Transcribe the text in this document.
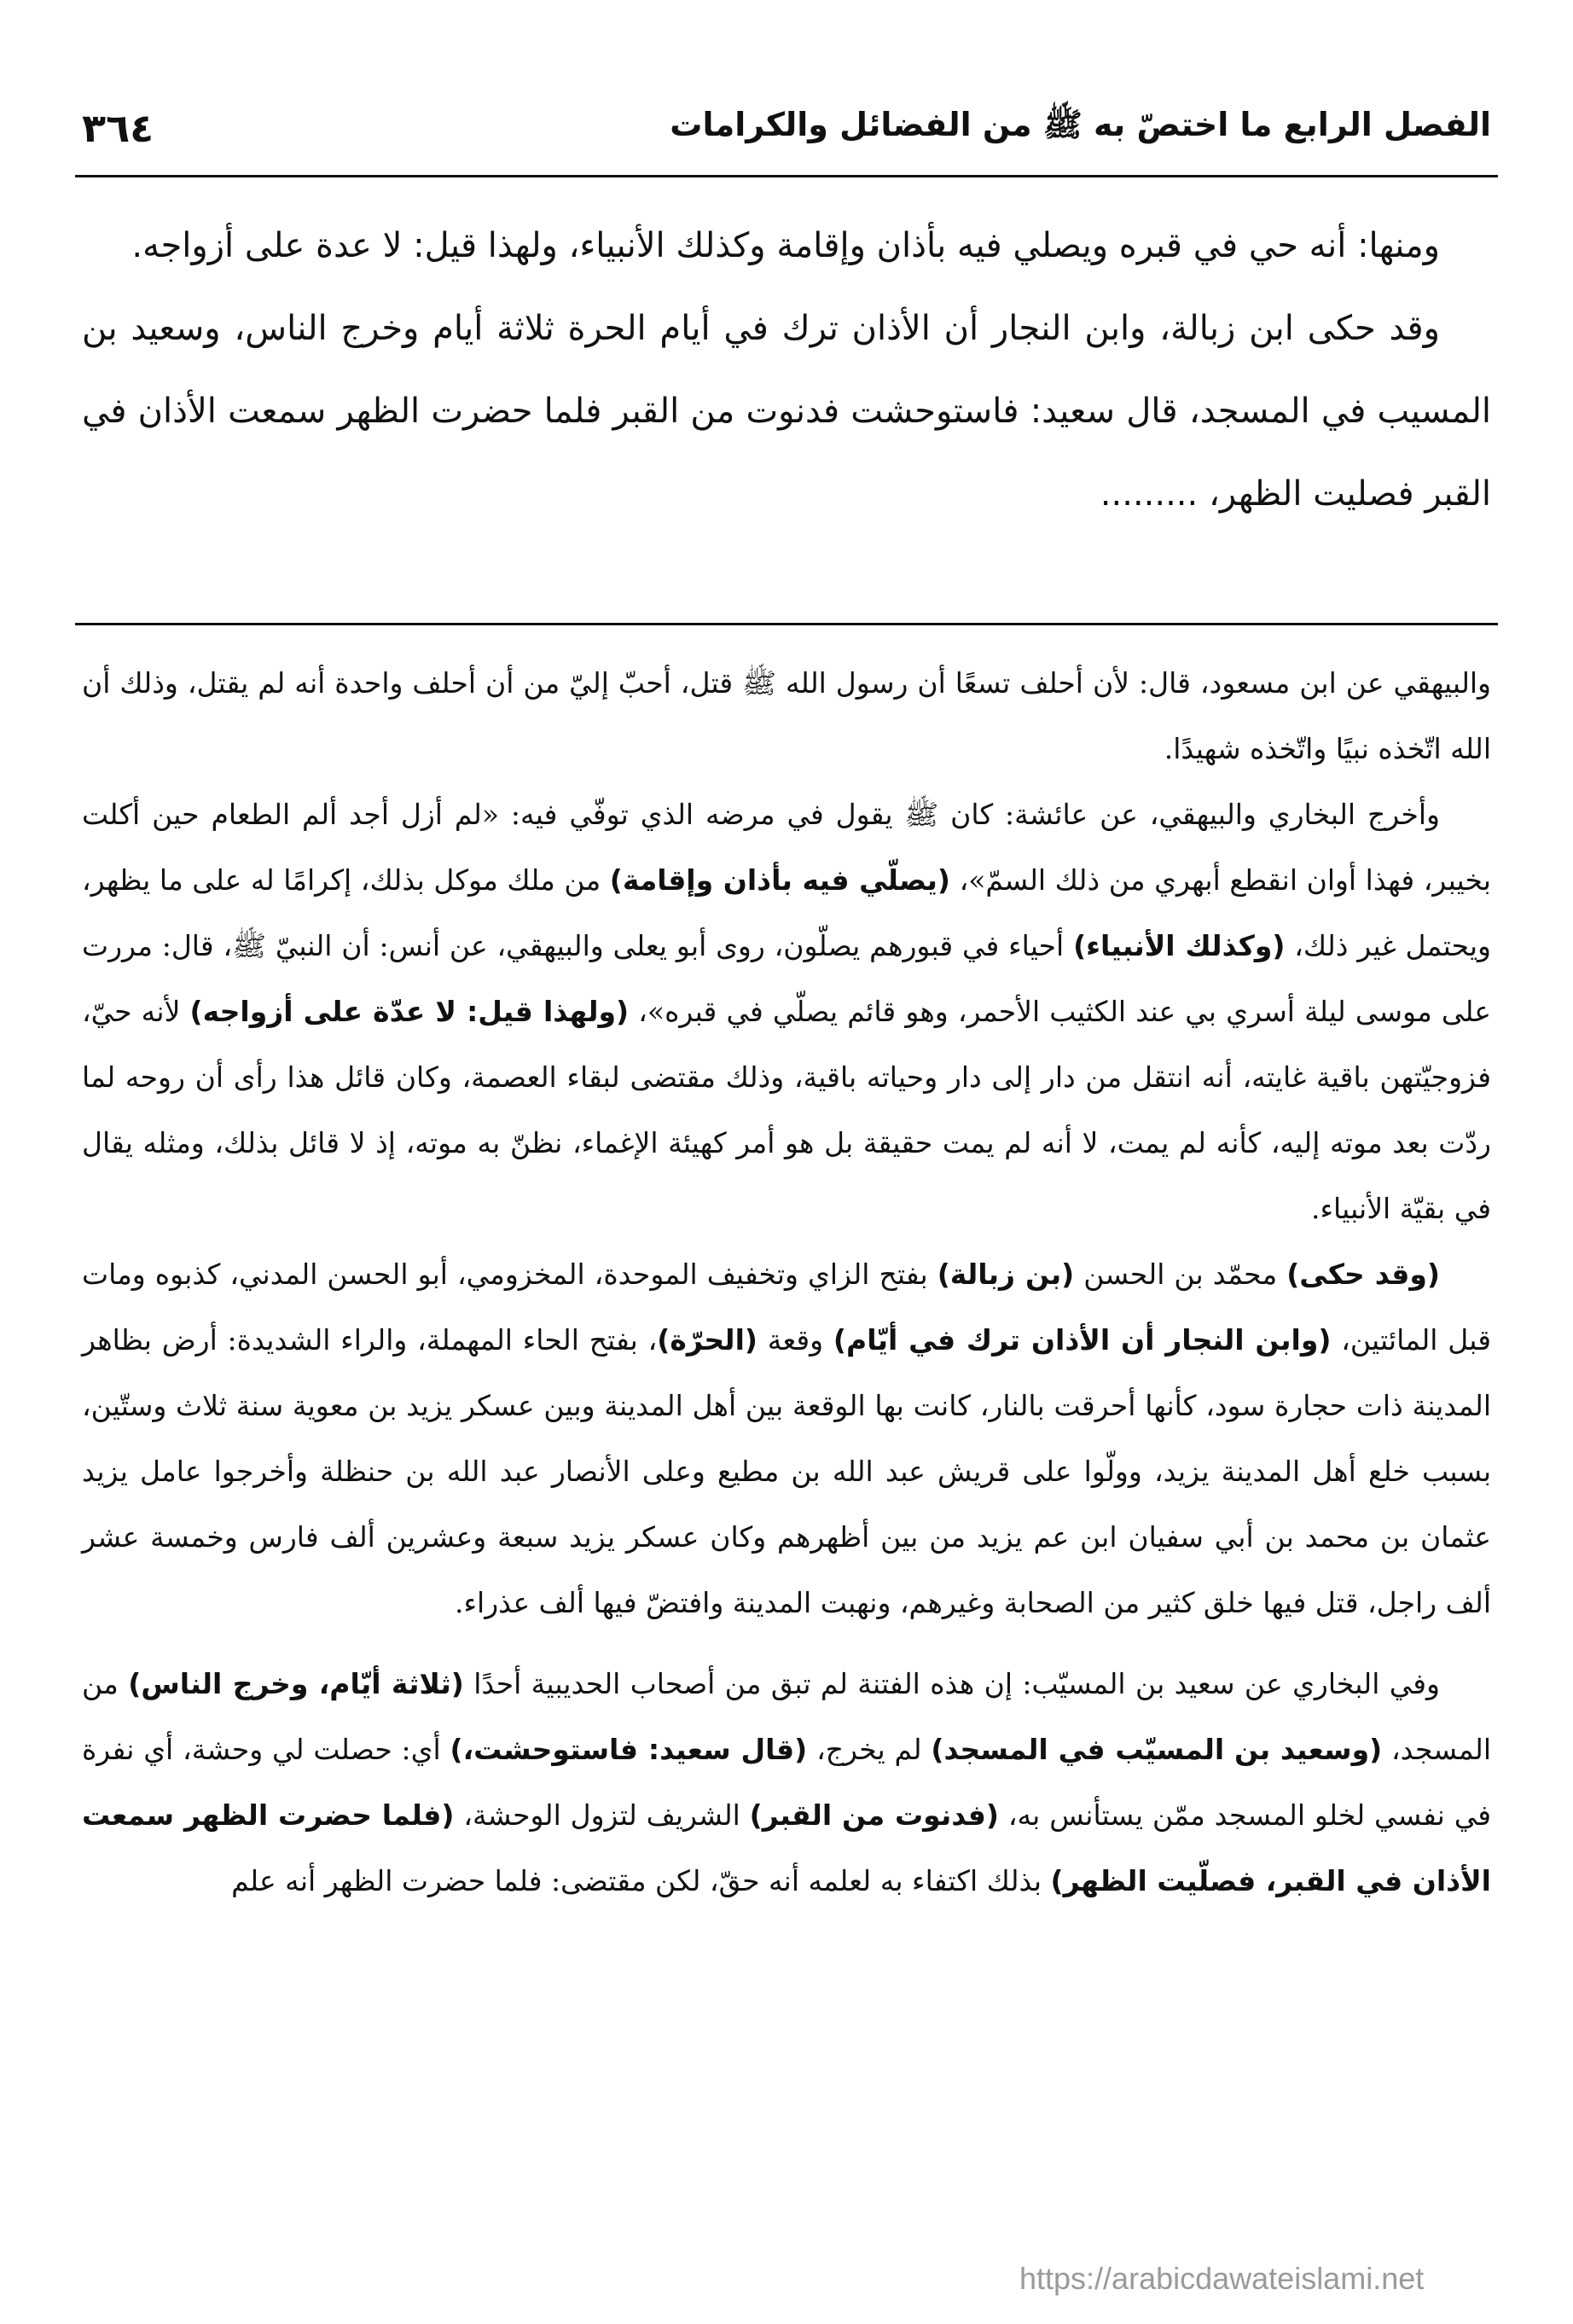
الفصل الرابع ما اختصّ به ﷺ من الفضائل والكرامات
٣٦٤

ومنها: أنه حي في قبره ويصلي فيه بأذان وإقامة وكذلك الأنبياء، ولهذا قيل: لا عدة على أزواجه.

وقد حكى ابن زبالة، وابن النجار أن الأذان ترك في أيام الحرة ثلاثة أيام وخرج الناس، وسعيد بن المسيب في المسجد، قال سعيد: فاستوحشت فدنوت من القبر فلما حضرت الظهر سمعت الأذان في القبر فصليت الظهر، .........

والبيهقي عن ابن مسعود، قال: لأن أحلف تسعًا أن رسول الله ﷺ قتل، أحبّ إليّ من أن أحلف واحدة أنه لم يقتل، وذلك أن الله اتّخذه نبيًا واتّخذه شهيدًا.

وأخرج البخاري والبيهقي، عن عائشة: كان ﷺ يقول في مرضه الذي توفّي فيه: «لم أزل أجد ألم الطعام حين أكلت بخيبر، فهذا أوان انقطع أبهري من ذلك السمّ»، (يصلّي فيه بأذان وإقامة) من ملك موكل بذلك، إكرامًا له على ما يظهر، ويحتمل غير ذلك، (وكذلك الأنبياء) أحياء في قبورهم يصلّون، روى أبو يعلى والبيهقي، عن أنس: أن النبيّ ﷺ، قال: مررت على موسى ليلة أسري بي عند الكثيب الأحمر، وهو قائم يصلّي في قبره»، (ولهذا قيل: لا عدّة على أزواجه) لأنه حيّ، فزوجيّتهن باقية غايته، أنه انتقل من دار إلى دار وحياته باقية، وذلك مقتضى لبقاء العصمة، وكان قائل هذا رأى أن روحه لما ردّت بعد موته إليه، كأنه لم يمت، لا أنه لم يمت حقيقة بل هو أمر كهيئة الإغماء، نظنّ به موته، إذ لا قائل بذلك، ومثله يقال في بقيّة الأنبياء.

(وقد حكى) محمّد بن الحسن (بن زبالة) بفتح الزاي وتخفيف الموحدة، المخزومي، أبو الحسن المدني، كذبوه ومات قبل المائتين، (وابن النجار أن الأذان ترك في أيّام) وقعة (الحرّة)، بفتح الحاء المهملة، والراء الشديدة: أرض بظاهر المدينة ذات حجارة سود، كأنها أحرقت بالنار، كانت بها الوقعة بين أهل المدينة وبين عسكر يزيد بن معوية سنة ثلاث وستّين، بسبب خلع أهل المدينة يزيد، وولّوا على قريش عبد الله بن مطيع وعلى الأنصار عبد الله بن حنظلة وأخرجوا عامل يزيد عثمان بن محمد بن أبي سفيان ابن عم يزيد من بين أظهرهم وكان عسكر يزيد سبعة وعشرين ألف فارس وخمسة عشر ألف راجل، قتل فيها خلق كثير من الصحابة وغيرهم، ونهبت المدينة وافتضّ فيها ألف عذراء.

وفي البخاري عن سعيد بن المسيّب: إن هذه الفتنة لم تبق من أصحاب الحديبية أحدًا (ثلاثة أيّام، وخرج الناس) من المسجد، (وسعيد بن المسيّب في المسجد) لم يخرج، (قال سعيد: فاستوحشت،) أي: حصلت لي وحشة، أي نفرة في نفسي لخلو المسجد ممّن يستأنس به، (فدنوت من القبر) الشريف لتزول الوحشة، (فلما حضرت الظهر سمعت الأذان في القبر، فصلّيت الظهر) بذلك اكتفاء به لعلمه أنه حقّ، لكن مقتضى: فلما حضرت الظهر أنه علم

https://arabicdawateislami.net
